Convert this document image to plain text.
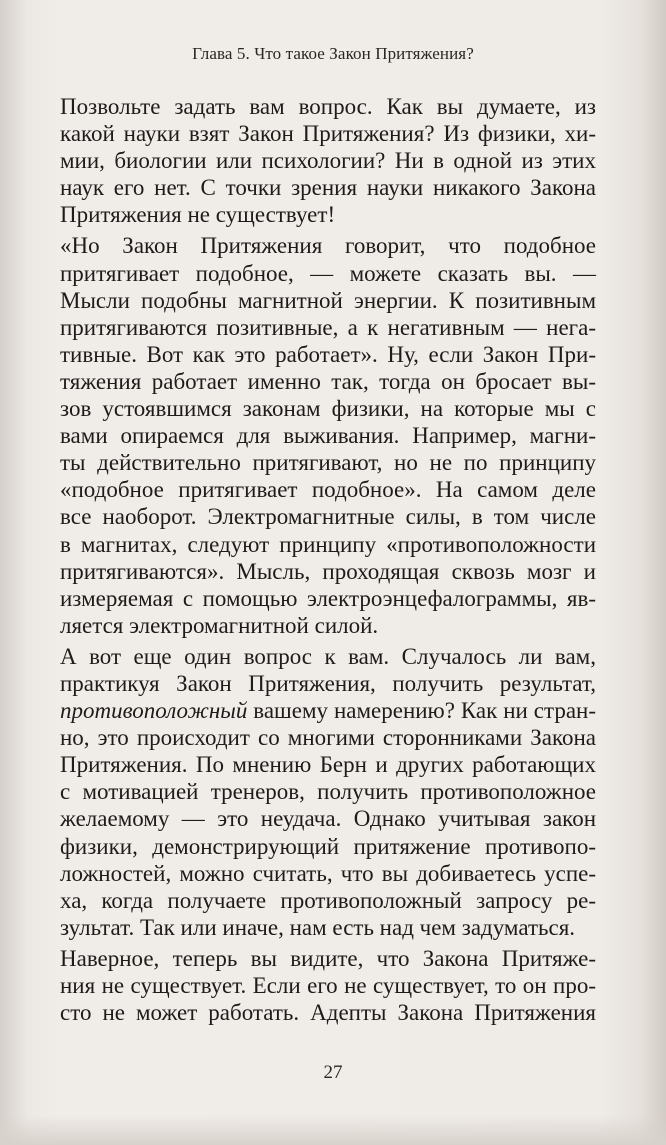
Глава 5. Что такое Закон Притяжения?

Позвольте задать вам вопрос. Как вы думаете, из
какой науки взят Закон Притяжения? Из физики, хи-
мии, биологии или психологии? Ни в одной из этих
наук его нет. С точки зрения науки никакого Закона
Притяжения не существует!

«Но Закон Притяжения говорит, что подобное
притягивает подобное, — можете сказать вы. —
Мысли подобны магнитной энергии. К позитивным
притягиваются позитивные, а к негативным — нега-
тивные. Вот как это работает». Ну, если Закон При-
тяжения работает именно так, тогда он бросает вы-
зов устоявшимся законам физики, на которые мы с
вами опираемся для выживания. Например, магни-
ты действительно притягивают, но не по принципу
«подобное притягивает подобное». На самом деле
все наоборот. Электромагнитные силы, в том числе
в магнитах, следуют принципу «противоположности
притягиваются». Мысль, проходящая сквозь мозг и
измеряемая с помощью электроэнцефалограммы, яв-
ляется электромагнитной силой.

А вот еще один вопрос к вам. Случалось ли вам,
практикуя Закон Притяжения, получить результат,
противоположный вашему намерению? Как ни стран-
но, это происходит со многими сторонниками Закона
Притяжения. По мнению Берн и других работающих
с мотивацией тренеров, получить противоположное
желаемому — это неудача. Однако учитывая закон
физики, демонстрирующий притяжение противопо-
ложностей, можно считать, что вы добиваетесь успе-
ха, когда получаете противоположный запросу ре-
зультат. Так или иначе, нам есть над чем задуматься.

Наверное, теперь вы видите, что Закона Притяже-
ния не существует. Если его не существует, то он про-
сто не может работать. Адепты Закона Притяжения

27
